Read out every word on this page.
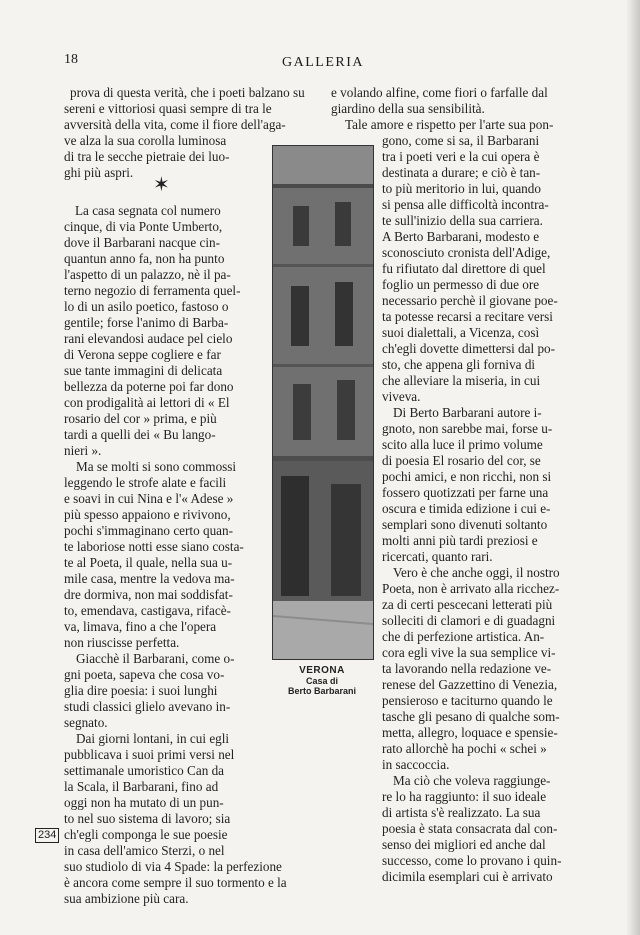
18	GALLERIA
✶
prova di questa verità, che i poeti balzano su
sereni e vittoriosi quasi sempre di tra le
avversità della vita, come il fiore dell'aga-
ve alza la sua corolla luminosa
di tra le secche pietraie dei luo-
ghi più aspri.
La casa segnata col numero
cinque, di via Ponte Umberto,
dove il Barbarani nacque cin-
quantun anno fa, non ha punto
l'aspetto di un palazzo, nè il pa-
terno negozio di ferramenta quel-
lo di un asilo poetico, fastoso o
gentile; forse l'animo di Barba-
rani elevandosi audace pel cielo
di Verona seppe cogliere e far
sue tante immagini di delicata
bellezza da poterne poi far dono
con prodigalità ai lettori di « El
rosario del cor » prima, e più
tardi a quelli dei « Bu lango-
nieri ».
Ma se molti si sono commossi
leggendo le strofe alate e facili
e soavi in cui Nina e l'« Adese »
più spesso appaiono e rivivono,
pochi s'immaginano certo quan-
te laboriose notti esse siano costa-
te al Poeta, il quale, nella sua u-
mile casa, mentre la vedova ma-
dre dormiva, non mai soddisfat-
to, emendava, castigava, rifacè-
va, limava, fino a che l'opera
non riuscisse perfetta.
Giacchè il Barbarani, come o-
gni poeta, sapeva che cosa vo-
glia dire poesia: i suoi lunghi
studi classici glielo avevano in-
segnato.
Dai giorni lontani, in cui egli
pubblicava i suoi primi versi nel
settimanale umoristico Can da
la Scala, il Barbarani, fino ad
oggi non ha mutato di un pun-
to nel suo sistema di lavoro; sia
ch'egli componga le sue poesie
in casa dell'amico Sterzi, o nel
suo studiolo di via 4 Spade: la perfezione
è ancora come sempre il suo tormento e la
sua ambizione più cara.
e volando alfine, come fiori o farfalle dal
giardino della sua sensibilità.
Tale amore e rispetto per l'arte sua pon-
gono, come si sa, il Barbarani
tra i poeti veri e la cui opera è
destinata a durare; e ciò è tan-
to più meritorio in lui, quando
si pensa alle difficoltà incontra-
te sull'inizio della sua carriera.
A Berto Barbarani, modesto e
sconosciuto cronista dell'Adige,
fu rifiutato dal direttore di quel
foglio un permesso di due ore
necessario perchè il giovane poe-
ta potesse recarsi a recitare versi
suoi dialettali, a Vicenza, così
ch'egli dovette dimettersi dal po-
sto, che appena gli forniva di
che alleviare la miseria, in cui
viveva.
Di Berto Barbarani autore i-
gnoto, non sarebbe mai, forse u-
scito alla luce il primo volume
di poesia El rosario del cor, se
pochi amici, e non ricchi, non si
fossero quotizzati per farne una
oscura e timida edizione i cui e-
semplari sono divenuti soltanto
molti anni più tardi preziosi e
ricercati, quanto rari.
Vero è che anche oggi, il nostro
Poeta, non è arrivato alla ricchez-
za di certi pescecani letterati più
solleciti di clamori e di guadagni
che di perfezione artistica. An-
cora egli vive la sua semplice vi-
ta lavorando nella redazione ve-
renese del Gazzettino di Venezia,
pensieroso e taciturno quando le
tasche gli pesano di qualche som-
metta, allegro, loquace e spensie-
rato allorchè ha pochi « schei »
in saccoccia.
Ma ciò che voleva raggiunge-
re lo ha raggiunto: il suo ideale
di artista s'è realizzato. La sua
poesia è stata consacrata dal con-
senso dei migliori ed anche dal
successo, come lo provano i quin-
dicimila esemplari cui è arrivato
VERONA
Casa di
Berto Barbarani
234
